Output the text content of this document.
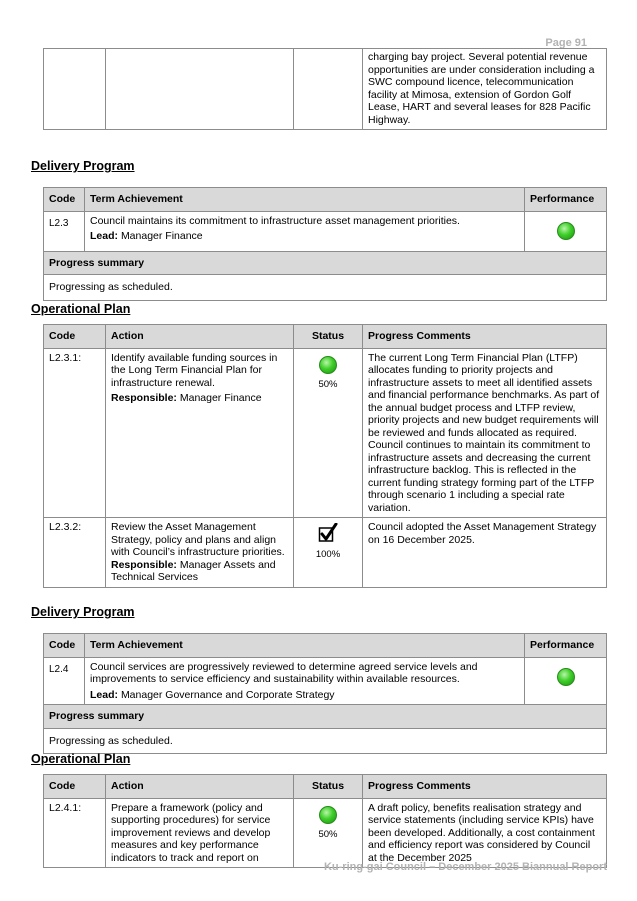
Page 91
			charging bay project. Several potential revenue opportunities are under consideration including a SWC compound licence, telecommunication facility at Mimosa, extension of Gordon Golf Lease, HART and several leases for 828 Pacific Highway.
Delivery Program
Code	Term Achievement	Performance
L2.3	Council maintains its commitment to infrastructure asset management priorities.
Lead: Manager Finance	

Progress summary		
Progressing as scheduled.		
Operational Plan
Code	Action	Status	Progress Comments
L2.3.1:	Identify available funding sources in the Long Term Financial Plan for infrastructure renewal.
Responsible: Manager Finance	50%	The current Long Term Financial Plan (LTFP) allocates funding to priority projects and infrastructure assets to meet all identified assets and financial performance benchmarks. As part of the annual budget process and LTFP review, priority projects and new budget requirements will be reviewed and funds allocated as required. Council continues to maintain its commitment to infrastructure assets and decreasing the current infrastructure backlog. This is reflected in the current funding strategy forming part of the LTFP through scenario 1 including a special rate variation.
L2.3.2:	Review the Asset Management Strategy, policy and plans and align with Council’s infrastructure priorities.
Responsible: Manager Assets and Technical Services	100%	Council adopted the Asset Management Strategy on 16 December 2025.
Delivery Program
Code	Term Achievement	Performance
L2.4	Council services are progressively reviewed to determine agreed service levels and improvements to service efficiency and sustainability within available resources.
Lead: Manager Governance and Corporate Strategy	

Progress summary		
Progressing as scheduled.		
Operational Plan
Code	Action	Status	Progress Comments
L2.4.1:	Prepare a framework (policy and supporting procedures) for service improvement reviews and develop measures and key performance indicators to track and report on	50%	A draft policy, benefits realisation strategy and service statements (including service KPIs) have been developed. Additionally, a cost containment and efficiency report was considered by Council at the December 2025
Ku-ring-gai Council – December 2025 Biannual Report
